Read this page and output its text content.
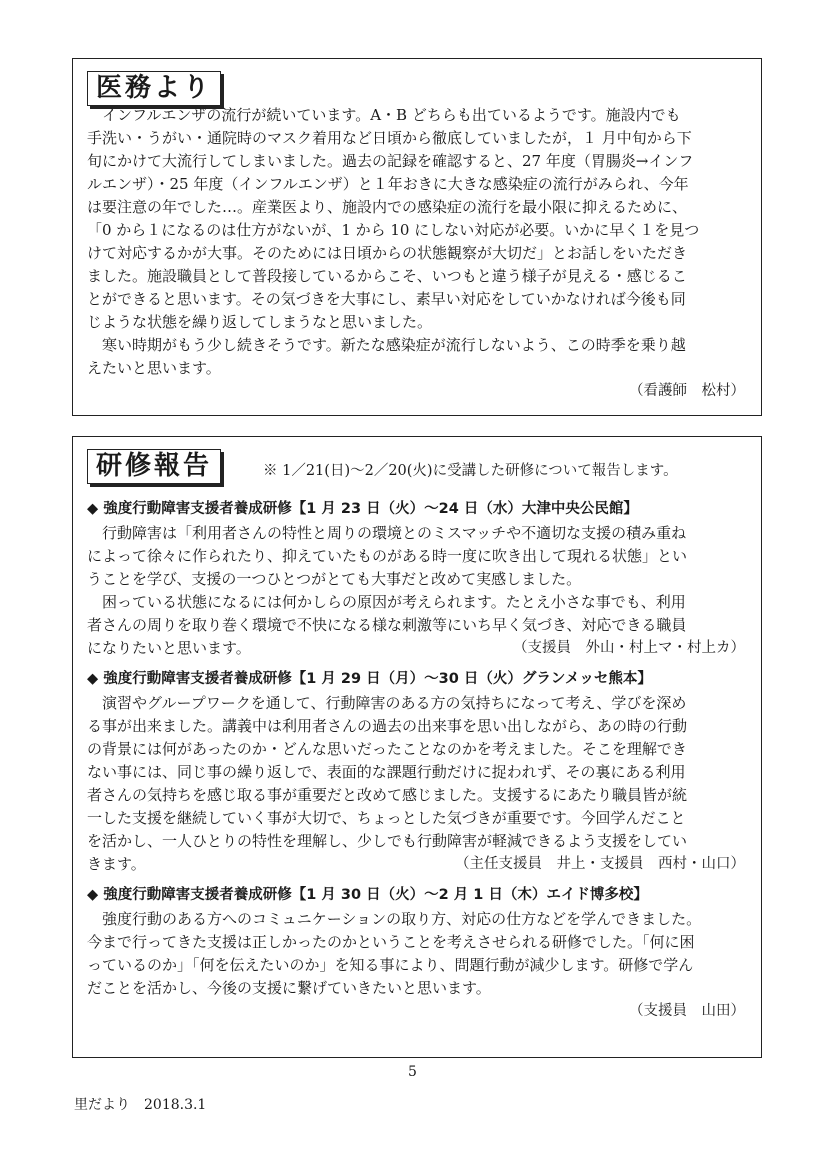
医務より
　インフルエンザの流行が続いています。A・B どちらも出ているようです。施設内でも
手洗い・うがい・通院時のマスク着用など日頃から徹底していましたが，１ 月中旬から下
旬にかけて大流行してしまいました。過去の記録を確認すると、27 年度（胃腸炎→インフ
ルエンザ）・25 年度（インフルエンザ）と１年おきに大きな感染症の流行がみられ、今年
は要注意の年でした…。産業医より、施設内での感染症の流行を最小限に抑えるために、
「0 から１になるのは仕方がないが、1 から 10 にしない対応が必要。いかに早く１を見つ
けて対応するかが大事。そのためには日頃からの状態観察が大切だ」とお話しをいただき
ました。施設職員として普段接しているからこそ、いつもと違う様子が見える・感じるこ
とができると思います。その気づきを大事にし、素早い対応をしていかなければ今後も同
じような状態を繰り返してしまうなと思いました。
　寒い時期がもう少し続きそうです。新たな感染症が流行しないよう、この時季を乗り越
えたいと思います。
（看護師　松村）
研修報告	※ 1／21(日)～2／20(火)に受講した研修について報告します。
◆ 強度行動障害支援者養成研修【1 月 23 日（火）～24 日（水）大津中央公民館】
　行動障害は「利用者さんの特性と周りの環境とのミスマッチや不適切な支援の積み重ね
によって徐々に作られたり、抑えていたものがある時一度に吹き出して現れる状態」とい
うことを学び、支援の一つひとつがとても大事だと改めて実感しました。
　困っている状態になるには何かしらの原因が考えられます。たとえ小さな事でも、利用
者さんの周りを取り巻く環境で不快になる様な刺激等にいち早く気づき、対応できる職員
になりたいと思います。	（支援員　外山・村上マ・村上カ）
◆ 強度行動障害支援者養成研修【1 月 29 日（月）～30 日（火）グランメッセ熊本】
　演習やグループワークを通して、行動障害のある方の気持ちになって考え、学びを深め
る事が出来ました。講義中は利用者さんの過去の出来事を思い出しながら、あの時の行動
の背景には何があったのか・どんな思いだったことなのかを考えました。そこを理解でき
ない事には、同じ事の繰り返しで、表面的な課題行動だけに捉われず、その裏にある利用
者さんの気持ちを感じ取る事が重要だと改めて感じました。支援するにあたり職員皆が統
一した支援を継続していく事が大切で、ちょっとした気づきが重要です。今回学んだこと
を活かし、一人ひとりの特性を理解し、少しでも行動障害が軽減できるよう支援をしてい
きます。	（主任支援員　井上・支援員　西村・山口）
◆ 強度行動障害支援者養成研修【1 月 30 日（火）～2 月 1 日（木）エイド博多校】
　強度行動のある方へのコミュニケーションの取り方、対応の仕方などを学んできました。
今まで行ってきた支援は正しかったのかということを考えさせられる研修でした。「何に困
っているのか」「何を伝えたいのか」を知る事により、問題行動が減少します。研修で学ん
だことを活かし、今後の支援に繋げていきたいと思います。
（支援員　山田）
5
里だより　2018.3.1
